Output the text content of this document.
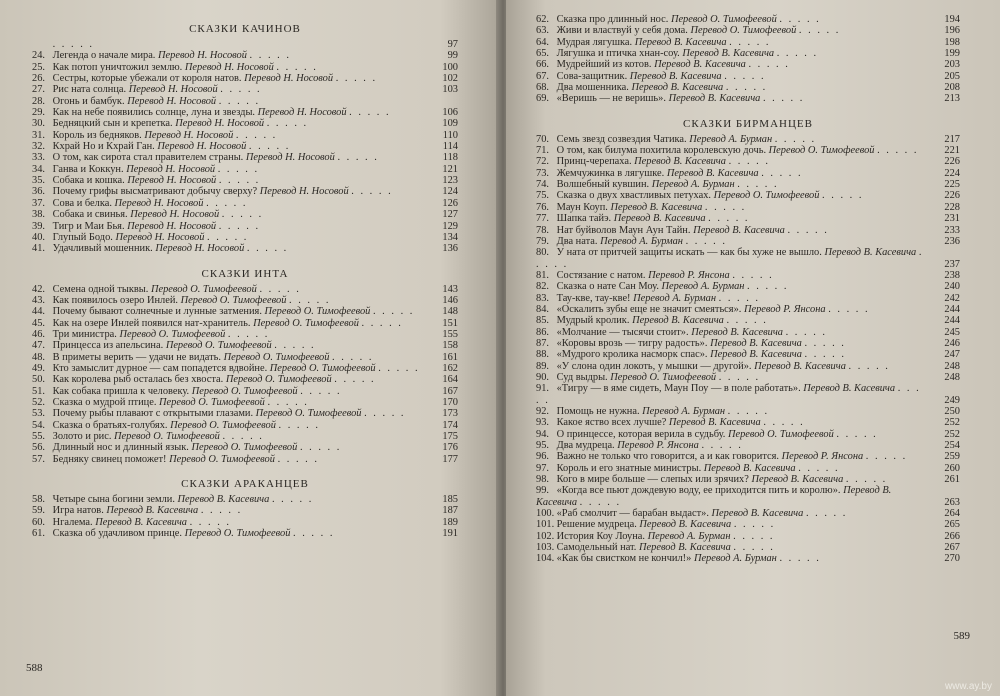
СКАЗКИ КАЧИНОВ
. . . . .	97
24. Легенда о начале мира. Перевод Н. Носовой . . . . .	99
25. Как потоп уничтожил землю. Перевод Н. Носовой . . . . .	100
26. Сестры, которые убежали от короля натов. Перевод Н. Носовой . . . . .	102
27. Рис ната солнца. Перевод Н. Носовой . . . . .	103
28. Огонь и бамбук. Перевод Н. Носовой . . . . .
29. Как на небе появились солнце, луна и звезды. Перевод Н. Носовой . . . . .	106
30. Бедняцкий сын и крепетка. Перевод Н. Носовой . . . . .	109
31. Король из бедняков. Перевод Н. Носовой . . . . .	110
32. Кхрай Но и Кхрай Ган. Перевод Н. Носовой . . . . .	114
33. О том, как сирота стал правителем страны. Перевод Н. Носовой . . . . .	118
34. Ганва и Коккун. Перевод Н. Носовой . . . . .	121
35. Собака и кошка. Перевод Н. Носовой . . . . .	123
36. Почему грифы высматривают добычу сверху? Перевод Н. Носовой . . . . .	124
37. Сова и белка. Перевод Н. Носовой . . . . .	126
38. Собака и свинья. Перевод Н. Носовой . . . . .	127
39. Тигр и Маи Бья. Перевод Н. Носовой . . . . .	129
40. Глупый Бодо. Перевод Н. Носовой . . . . .	134
41. Удачливый мошенник. Перевод Н. Носовой . . . . .	136
СКАЗКИ ИНТА
42. Семена одной тыквы. Перевод О. Тимофеевой . . . . .	143
43. Как появилось озеро Инлей. Перевод О. Тимофеевой . . . . .	146
44. Почему бывают солнечные и лунные затмения. Перевод О. Тимофеевой . . . . .	148
45. Как на озере Инлей появился нат-хранитель. Перевод О. Тимофеевой . . . . .	151
46. Три министра. Перевод О. Тимофеевой . . . . .	155
47. Принцесса из апельсина. Перевод О. Тимофеевой . . . . .	158
48. В приметы верить — удачи не видать. Перевод О. Тимофеевой . . . . .	161
49. Кто замыслит дурное — сам попадется вдвойне. Перевод О. Тимофеевой . . . . .	162
50. Как королева рыб осталась без хвоста. Перевод О. Тимофеевой . . . . .	164
51. Как собака пришла к человеку. Перевод О. Тимофеевой . . . . .	167
52. Сказка о мудрой птице. Перевод О. Тимофеевой . . . . .	170
53. Почему рыбы плавают с открытыми глазами. Перевод О. Тимофеевой . . . . .	173
54. Сказка о братьях-голубях. Перевод О. Тимофеевой . . . . .	174
55. Золото и рис. Перевод О. Тимофеевой . . . . .	175
56. Длинный нос и длинный язык. Перевод О. Тимофеевой . . . . .	176
57. Бедняку свинец поможет! Перевод О. Тимофеевой . . . . .	177
СКАЗКИ АРАКАНЦЕВ
58. Четыре сына богини земли. Перевод В. Касевича . . . . .	185
59. Игра натов. Перевод В. Касевича . . . . .	187
60. Нгалема. Перевод В. Касевича . . . . .	189
61. Сказка об удачливом принце. Перевод О. Тимофеевой . . . . .	191
588
62. Сказка про длинный нос. Перевод О. Тимофеевой . . . . .	194
63. Живи и властвуй у себя дома. Перевод О. Тимофеевой . . . . .	196
64. Мудрая лягушка. Перевод В. Касевича . . . . .	198
65. Лягушка и птичка хнан-соу. Перевод В. Касевича . . . . .	199
66. Мудрейший из котов. Перевод В. Касевича . . . . .	203
67. Сова-защитник. Перевод В. Касевича . . . . .	205
68. Два мошенника. Перевод В. Касевича . . . . .	208
69. «Веришь — не веришь». Перевод В. Касевича . . . . .	213
СКАЗКИ БИРМАНЦЕВ
70. Семь звезд созвездия Чатика. Перевод А. Бурман . . . . .	217
71. О том, как билума похитила королевскую дочь. Перевод О. Тимофеевой . . . . .	221
72. Принц-черепаха. Перевод В. Касевича . . . . .	226
73. Жемчужинка в лягушке. Перевод В. Касевича . . . . .	224
74. Волшебный кувшин. Перевод А. Бурман . . . . .	225
75. Сказка о двух хвастливых петухах. Перевод О. Тимофеевой . . . . .	226
76. Маун Коуп. Перевод В. Касевича . . . . .	228
77. Шапка тайэ. Перевод В. Касевича . . . . .	231
78. Нат буйволов Маун Аун Тайн. Перевод В. Касевича . . . . .	233
79. Два ната. Перевод А. Бурман . . . . .	236
80. У ната от притчей защиты искать — как бы хуже не вышло. Перевод В. Касевича . . . . .	237
81. Состязание с натом. Перевод Р. Янсона . . . . .	238
82. Сказка о нате Сан Моу. Перевод А. Бурман . . . . .	240
83. Тау-кве, тау-кве! Перевод А. Бурман . . . . .	242
84. «Оскалить зубы еще не значит смеяться». Перевод Р. Янсона . . . . .	244
85. Мудрый кролик. Перевод В. Касевича . . . . .	244
86. «Молчание — тысячи стоит». Перевод В. Касевича . . . . .	245
87. «Коровы врозь — тигру радость». Перевод В. Касевича . . . . .	246
88. «Мудрого кролика насморк спас». Перевод В. Касевича . . . . .	247
89. «У слона один локоть, у мышки — другой». Перевод В. Касевича . . . . .	248
90. Суд выдры. Перевод О. Тимофеевой . . . . .	248
91. «Тигру — в яме сидеть, Маун Поу — в поле работать». Перевод В. Касевича . . . . .	249
92. Помощь не нужна. Перевод А. Бурман . . . . .	250
93. Какое яство всех лучше? Перевод В. Касевича . . . . .	252
94. О принцессе, которая верила в судьбу. Перевод О. Тимофеевой . . . . .	252
95. Два мудреца. Перевод Р. Янсона . . . . .	254
96. Важно не только что говорится, а и как говорится. Перевод Р. Янсона . . . . .	259
97. Король и его знатные министры. Перевод В. Касевича . . . . .	260
98. Кого в мире больше — слепых или зрячих? Перевод В. Касевича . . . . .	261
99. «Когда все пьют дождевую воду, ее приходится пить и королю». Перевод В. Касевича . . . . .	263
100. «Раб смолчит — барабан выдаст». Перевод В. Касевича . . . . .	264
101. Решение мудреца. Перевод В. Касевича . . . . .	265
102. История Коу Лоуна. Перевод А. Бурман . . . . .	266
103. Самодельный нат. Перевод В. Касевича . . . . .	267
104. «Как бы свистком не кончил!» Перевод А. Бурман . . . . .	270
589
www.ay.by
